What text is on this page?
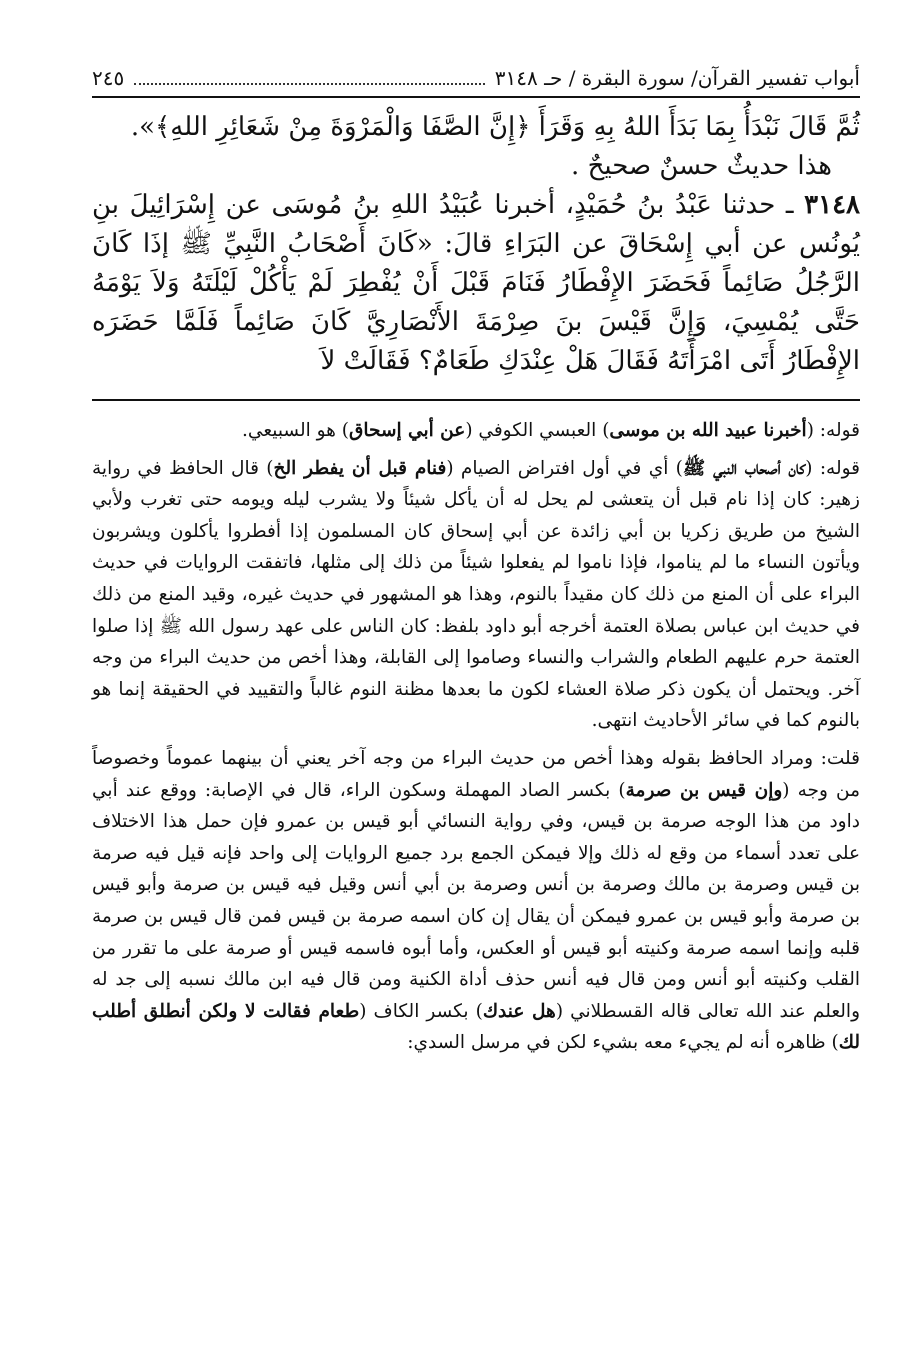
أبواب تفسير القرآن/ سورة البقرة / حـ ٣١٤٨
٢٤٥

ثُمَّ قَالَ نَبْدَأُ بِمَا بَدَأَ اللهُ بِهِ وَقَرَأَ ﴿إِنَّ الصَّفَا وَالْمَرْوَةَ مِنْ شَعَائِرِ اللهِ﴾».

هذا حديثٌ حسنٌ صحيحٌ .

٣١٤٨ ـ حدثنا عَبْدُ بنُ حُمَيْدٍ، أخبرنا عُبَيْدُ اللهِ بنُ مُوسَى عن إِسْرَائِيلَ بنِ يُونُس عن أبي إِسْحَاقَ عن البَرَاءِ قالَ: «كَانَ أَصْحَابُ النَّبِيِّ ﷺ إذَا كَانَ الرَّجُلُ صَائِماً فَحَضَرَ الإِفْطَارُ فَنَامَ قَبْلَ أَنْ يُفْطِرَ لَمْ يَأْكُلْ لَيْلَتَهُ وَلاَ يَوْمَهُ حَتَّى يُمْسِيَ، وَإِنَّ قَيْسَ بنَ صِرْمَةَ الأَنْصَارِيَّ كَانَ صَائِماً فَلَمَّا حَضَرَه الإِفْطَارُ أَتَى امْرَأَتَهُ فَقَالَ هَلْ عِنْدَكِ طَعَامٌ؟ فَقَالَتْ لاَ

قوله: (أخبرنا عبيد الله بن موسى) العبسي الكوفي (عن أبي إسحاق) هو السبيعي.

قوله: (كان أصحاب النبي ﷺ) أي في أول افتراض الصيام (فنام قبل أن يفطر الخ) قال الحافظ في رواية زهير: كان إذا نام قبل أن يتعشى لم يحل له أن يأكل شيئاً ولا يشرب ليله ويومه حتى تغرب ولأبي الشيخ من طريق زكريا بن أبي زائدة عن أبي إسحاق كان المسلمون إذا أفطروا يأكلون ويشربون ويأتون النساء ما لم يناموا، فإذا ناموا لم يفعلوا شيئاً من ذلك إلى مثلها، فاتفقت الروايات في حديث البراء على أن المنع من ذلك كان مقيداً بالنوم، وهذا هو المشهور في حديث غيره، وقيد المنع من ذلك في حديث ابن عباس بصلاة العتمة أخرجه أبو داود بلفظ: كان الناس على عهد رسول الله ﷺ إذا صلوا العتمة حرم عليهم الطعام والشراب والنساء وصاموا إلى القابلة، وهذا أخص من حديث البراء من وجه آخر. ويحتمل أن يكون ذكر صلاة العشاء لكون ما بعدها مظنة النوم غالباً والتقييد في الحقيقة إنما هو بالنوم كما في سائر الأحاديث انتهى.

قلت: ومراد الحافظ بقوله وهذا أخص من حديث البراء من وجه آخر يعني أن بينهما عموماً وخصوصاً من وجه (وإن قيس بن صرمة) بكسر الصاد المهملة وسكون الراء، قال في الإصابة: ووقع عند أبي داود من هذا الوجه صرمة بن قيس، وفي رواية النسائي أبو قيس بن عمرو فإن حمل هذا الاختلاف على تعدد أسماء من وقع له ذلك وإلا فيمكن الجمع برد جميع الروايات إلى واحد فإنه قيل فيه صرمة بن قيس وصرمة بن مالك وصرمة بن أنس وصرمة بن أبي أنس وقيل فيه قيس بن صرمة وأبو قيس بن صرمة وأبو قيس بن عمرو فيمكن أن يقال إن كان اسمه صرمة بن قيس فمن قال قيس بن صرمة قلبه وإنما اسمه صرمة وكنيته أبو قيس أو العكس، وأما أبوه فاسمه قيس أو صرمة على ما تقرر من القلب وكنيته أبو أنس ومن قال فيه أنس حذف أداة الكنية ومن قال فيه ابن مالك نسبه إلى جد له والعلم عند الله تعالى قاله القسطلاني (هل عندك) بكسر الكاف (طعام فقالت لا ولكن أنطلق أطلب لك) ظاهره أنه لم يجيء معه بشيء لكن في مرسل السدي:
